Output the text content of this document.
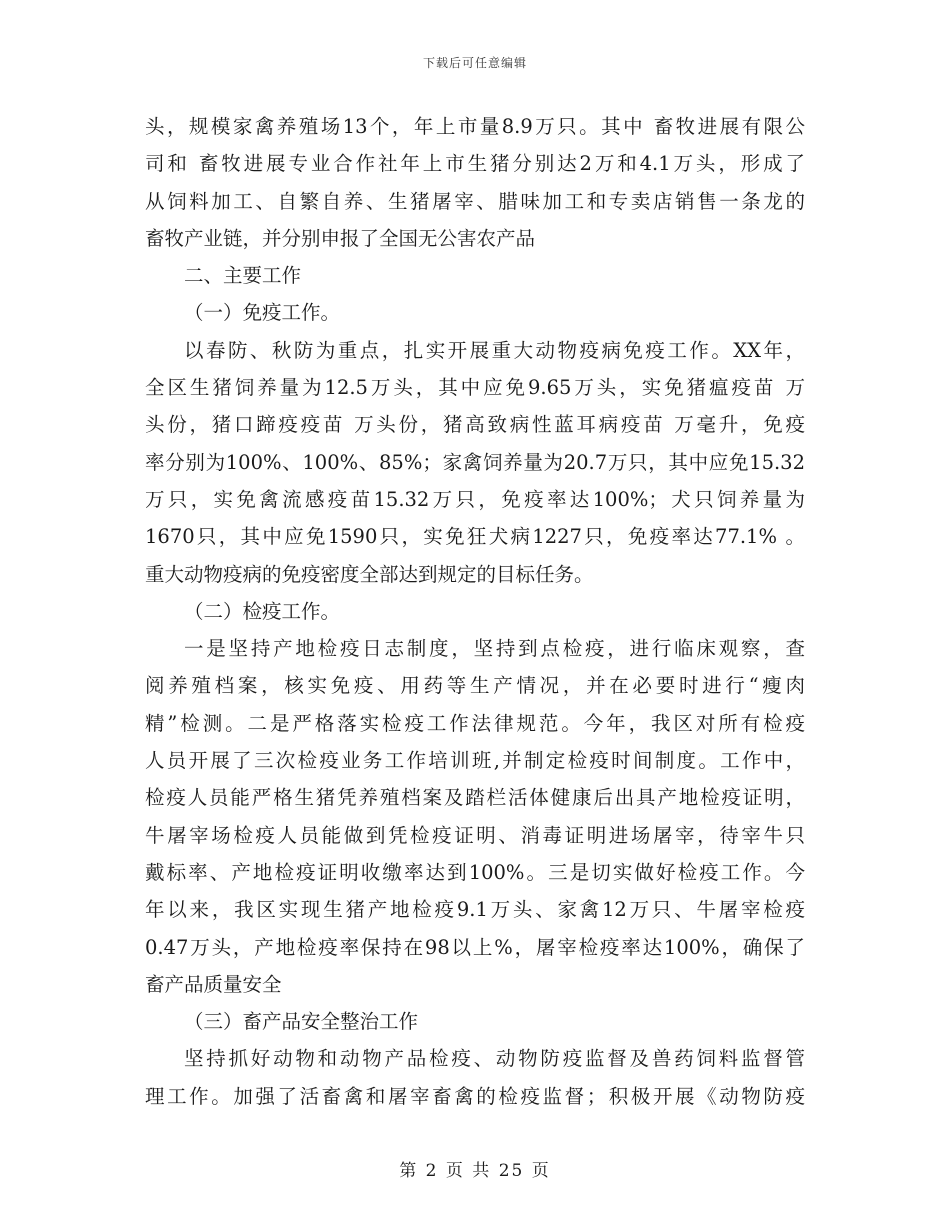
下载后可任意编辑
头，规模家禽养殖场13个，年上市量8.9万只。其中 畜牧进展有限公
司和 畜牧进展专业合作社年上市生猪分别达2万和4.1万头，形成了
从饲料加工、自繁自养、生猪屠宰、腊味加工和专卖店销售一条龙的
畜牧产业链，并分别申报了全国无公害农产品
二、主要工作
（一）免疫工作。
以春防、秋防为重点，扎实开展重大动物疫病免疫工作。XX年，
全区生猪饲养量为12.5万头，其中应免9.65万头，实免猪瘟疫苗 万
头份，猪口蹄疫疫苗 万头份，猪高致病性蓝耳病疫苗 万毫升，免疫
率分别为100%、100%、85%；家禽饲养量为20.7万只，其中应免15.32
万只，实免禽流感疫苗15.32万只，免疫率达100%；犬只饲养量为
1670只，其中应免1590只，实免狂犬病1227只，免疫率达77.1% 。
重大动物疫病的免疫密度全部达到规定的目标任务。
（二）检疫工作。
一是坚持产地检疫日志制度，坚持到点检疫，进行临床观察，查
阅养殖档案，核实免疫、用药等生产情况，并在必要时进行“瘦肉
精”检测。二是严格落实检疫工作法律规范。今年，我区对所有检疫
人员开展了三次检疫业务工作培训班,并制定检疫时间制度。工作中，
检疫人员能严格生猪凭养殖档案及踏栏活体健康后出具产地检疫证明，
牛屠宰场检疫人员能做到凭检疫证明、消毒证明进场屠宰，待宰牛只
戴标率、产地检疫证明收缴率达到100%。三是切实做好检疫工作。今
年以来，我区实现生猪产地检疫9.1万头、家禽12万只、牛屠宰检疫
0.47万头，产地检疫率保持在98以上%，屠宰检疫率达100%，确保了
畜产品质量安全
（三）畜产品安全整治工作
坚持抓好动物和动物产品检疫、动物防疫监督及兽药饲料监督管
理工作。加强了活畜禽和屠宰畜禽的检疫监督；积极开展《动物防疫
第 2 页 共 25 页
